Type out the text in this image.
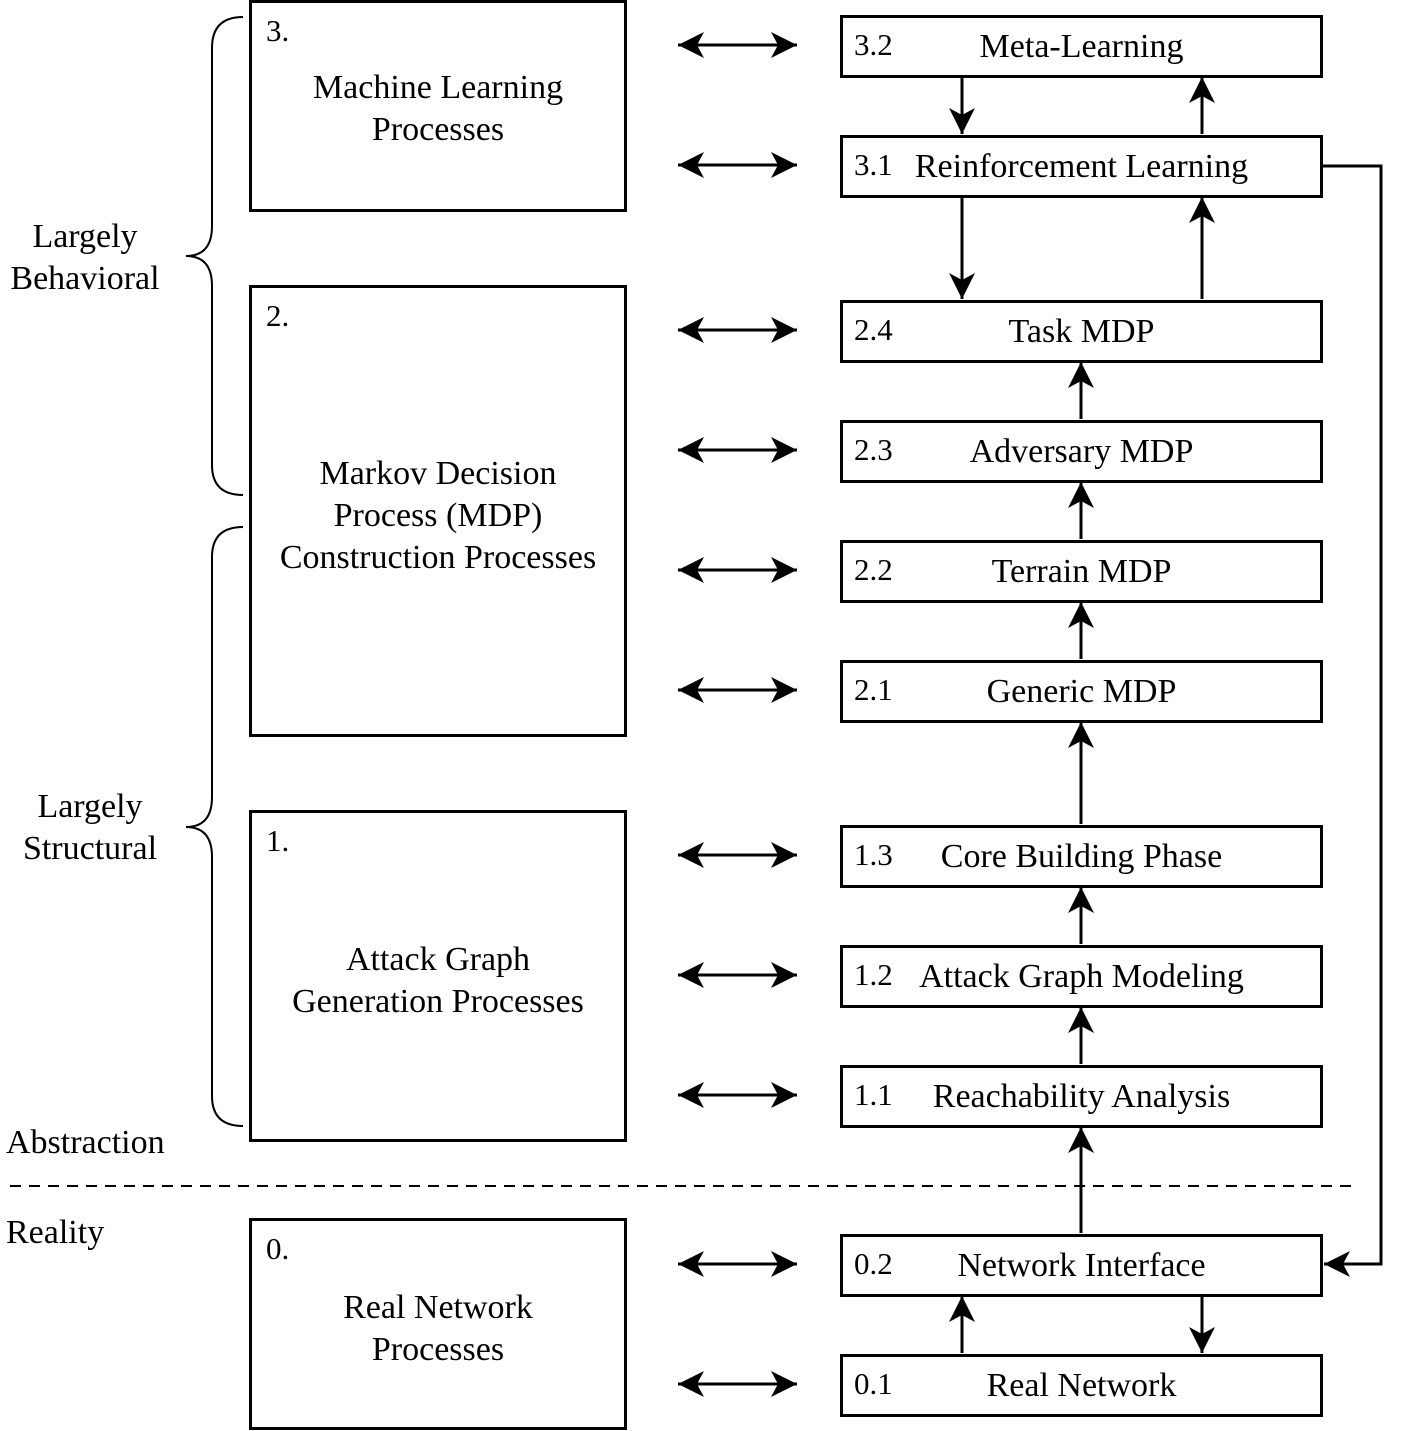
Largely
Behavioral
Largely
Structural
Abstraction
Reality
3.
Machine Learning
Processes
2.
Markov Decision
Process (MDP)
Construction Processes
1.
Attack Graph
Generation Processes
0.
Real Network
Processes
3.2	Meta-Learning
3.1 Reinforcement Learning
2.4	Task MDP
2.3	Adversary MDP
2.2	Terrain MDP
2.1	Generic MDP
1.3	Core Building Phase
1.2 Attack Graph Modeling
1.1	Reachability Analysis
0.2	Network Interface
0.1	Real Network
